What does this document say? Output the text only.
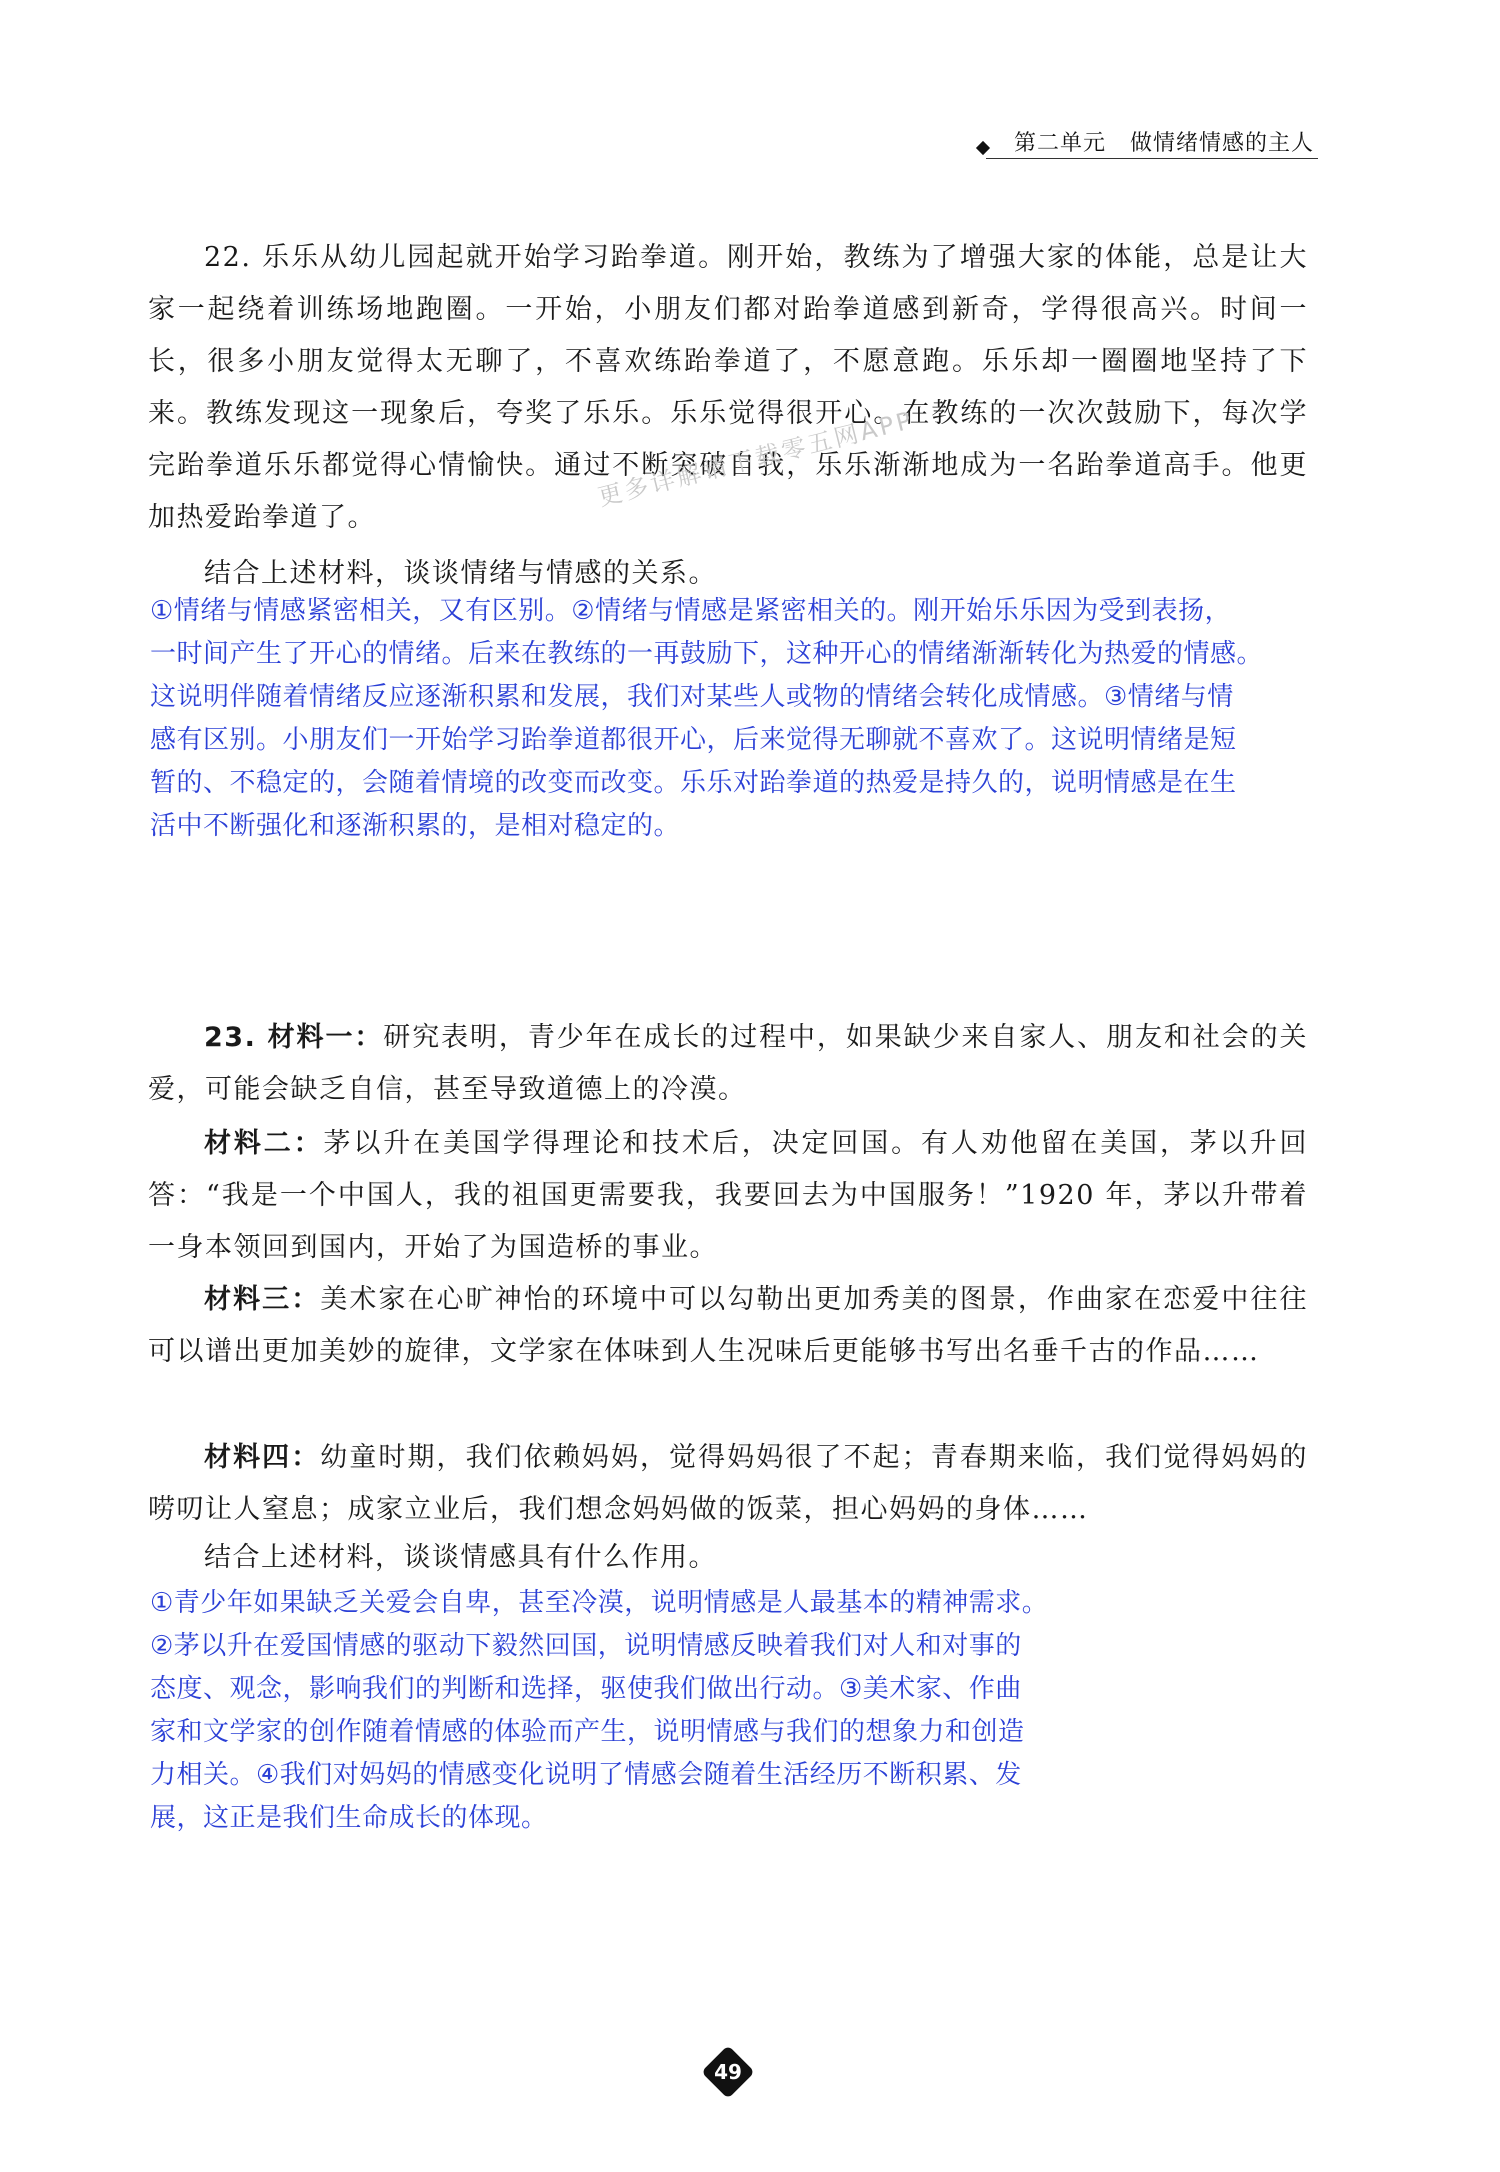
第二单元 做情绪情感的主人

22. 乐乐从幼儿园起就开始学习跆拳道。刚开始，教练为了增强大家的体能，总是让大家一起绕着训练场地跑圈。一开始，小朋友们都对跆拳道感到新奇，学得很高兴。时间一长，很多小朋友觉得太无聊了，不喜欢练跆拳道了，不愿意跑。乐乐却一圈圈地坚持了下来。教练发现这一现象后，夸奖了乐乐。乐乐觉得很开心。在教练的一次次鼓励下，每次学完跆拳道乐乐都觉得心情愉快。通过不断突破自我，乐乐渐渐地成为一名跆拳道高手。他更加热爱跆拳道了。

更多详解请下载零五网APP

结合上述材料，谈谈情绪与情感的关系。

①情绪与情感紧密相关，又有区别。②情绪与情感是紧密相关的。刚开始乐乐因为受到表扬，
一时间产生了开心的情绪。后来在教练的一再鼓励下，这种开心的情绪渐渐转化为热爱的情感。
这说明伴随着情绪反应逐渐积累和发展，我们对某些人或物的情绪会转化成情感。③情绪与情
感有区别。小朋友们一开始学习跆拳道都很开心，后来觉得无聊就不喜欢了。这说明情绪是短
暂的、不稳定的，会随着情境的改变而改变。乐乐对跆拳道的热爱是持久的，说明情感是在生
活中不断强化和逐渐积累的，是相对稳定的。

23. 材料一：研究表明，青少年在成长的过程中，如果缺少来自家人、朋友和社会的关爱，可能会缺乏自信，甚至导致道德上的冷漠。

材料二：茅以升在美国学得理论和技术后，决定回国。有人劝他留在美国，茅以升回答：“我是一个中国人，我的祖国更需要我，我要回去为中国服务！”1920 年，茅以升带着一身本领回到国内，开始了为国造桥的事业。

材料三：美术家在心旷神怡的环境中可以勾勒出更加秀美的图景，作曲家在恋爱中往往可以谱出更加美妙的旋律，文学家在体味到人生况味后更能够书写出名垂千古的作品……

材料四：幼童时期，我们依赖妈妈，觉得妈妈很了不起；青春期来临，我们觉得妈妈的唠叨让人窒息；成家立业后，我们想念妈妈做的饭菜，担心妈妈的身体……

结合上述材料，谈谈情感具有什么作用。

①青少年如果缺乏关爱会自卑，甚至冷漠，说明情感是人最基本的精神需求。
②茅以升在爱国情感的驱动下毅然回国，说明情感反映着我们对人和对事的
态度、观念，影响我们的判断和选择，驱使我们做出行动。③美术家、作曲
家和文学家的创作随着情感的体验而产生，说明情感与我们的想象力和创造
力相关。④我们对妈妈的情感变化说明了情感会随着生活经历不断积累、发
展，这正是我们生命成长的体现。
49
